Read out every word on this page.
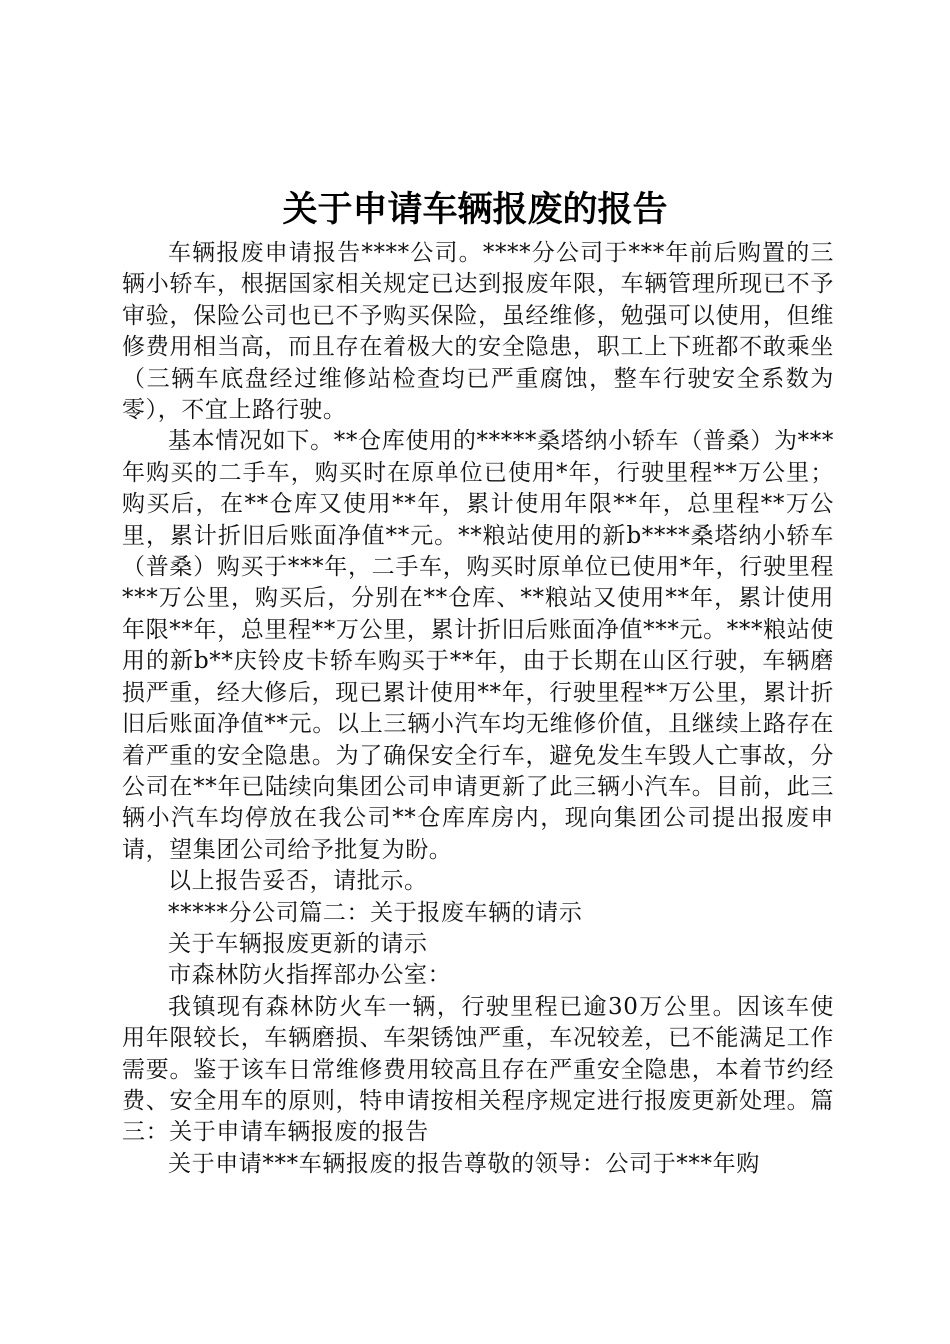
关于申请车辆报废的报告

车辆报废申请报告****公司。****分公司于***年前后购置的三辆小轿车，根据国家相关规定已达到报废年限，车辆管理所现已不予审验，保险公司也已不予购买保险，虽经维修，勉强可以使用，但维修费用相当高，而且存在着极大的安全隐患，职工上下班都不敢乘坐（三辆车底盘经过维修站检查均已严重腐蚀，整车行驶安全系数为零），不宜上路行驶。

基本情况如下。**仓库使用的*****桑塔纳小轿车（普桑）为***年购买的二手车，购买时在原单位已使用*年，行驶里程**万公里；购买后，在**仓库又使用**年，累计使用年限**年，总里程**万公里，累计折旧后账面净值**元。**粮站使用的新b****桑塔纳小轿车（普桑）购买于***年，二手车，购买时原单位已使用*年，行驶里程***万公里，购买后，分别在**仓库、**粮站又使用**年，累计使用年限**年，总里程**万公里，累计折旧后账面净值***元。***粮站使用的新b**庆铃皮卡轿车购买于**年，由于长期在山区行驶，车辆磨损严重，经大修后，现已累计使用**年，行驶里程**万公里，累计折旧后账面净值**元。以上三辆小汽车均无维修价值，且继续上路存在着严重的安全隐患。为了确保安全行车，避免发生车毁人亡事故，分公司在**年已陆续向集团公司申请更新了此三辆小汽车。目前，此三辆小汽车均停放在我公司**仓库库房内，现向集团公司提出报废申请，望集团公司给予批复为盼。

以上报告妥否，请批示。

*****分公司篇二：关于报废车辆的请示

关于车辆报废更新的请示

市森林防火指挥部办公室：

我镇现有森林防火车一辆，行驶里程已逾30万公里。因该车使用年限较长，车辆磨损、车架锈蚀严重，车况较差，已不能满足工作需要。鉴于该车日常维修费用较高且存在严重安全隐患，本着节约经费、安全用车的原则，特申请按相关程序规定进行报废更新处理。篇三：关于申请车辆报废的报告

关于申请***车辆报废的报告尊敬的领导：公司于***年购
